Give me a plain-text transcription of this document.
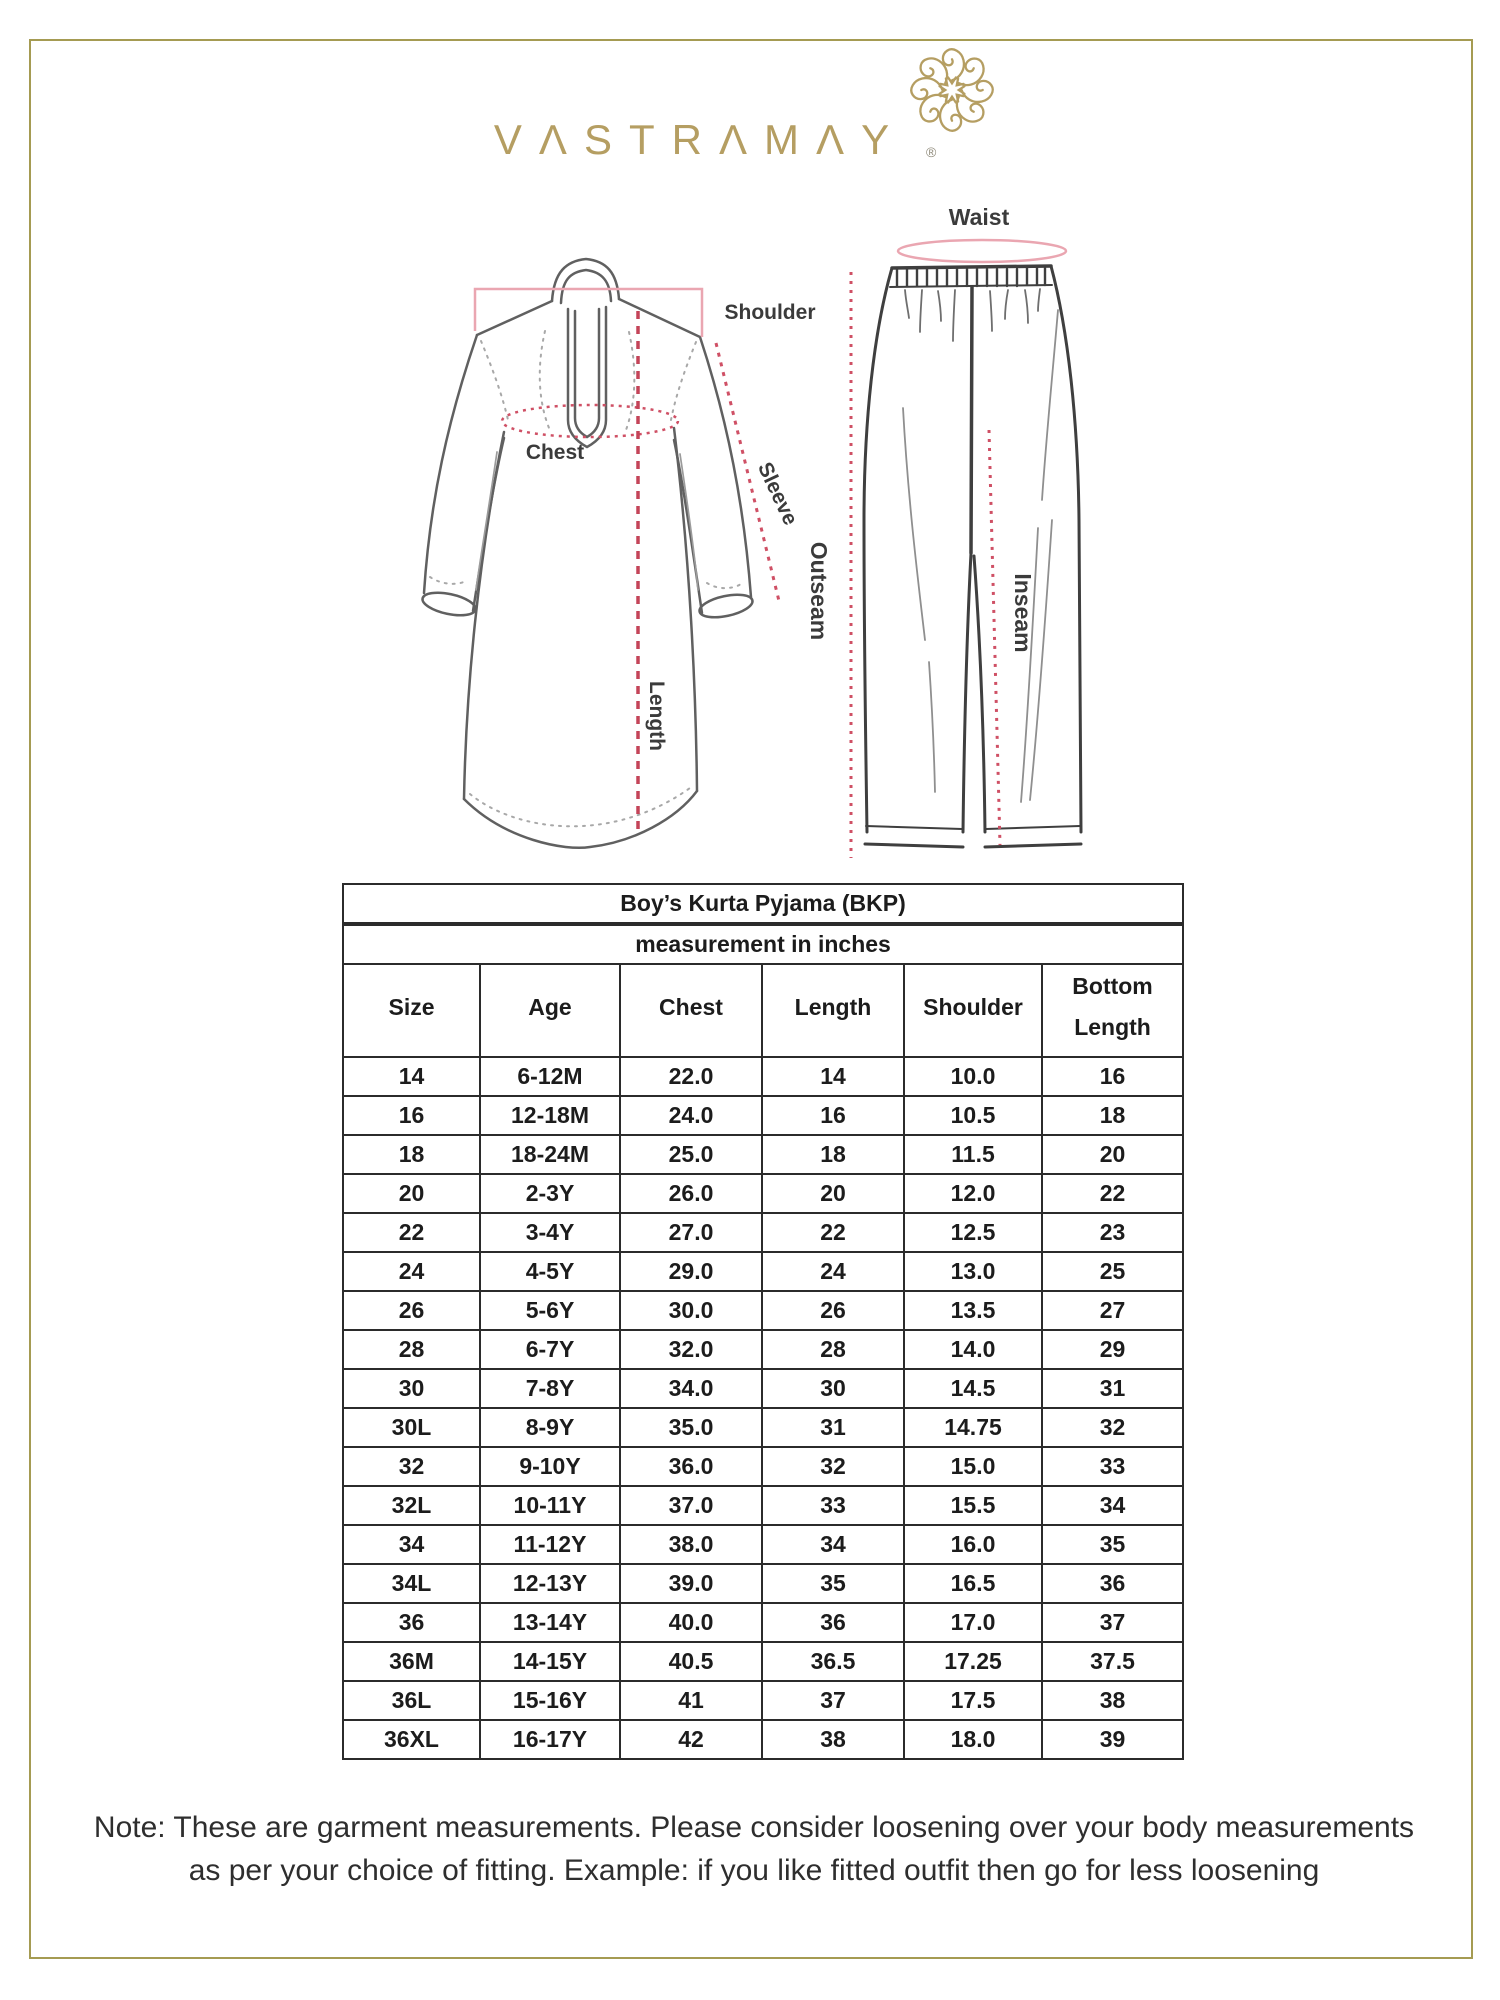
VΛSTRΛMΛY	®
Shoulder
Chest
Sleeve
Length
Waist
Outseam	Inseam
Boy’s Kurta Pyjama (BKP)					
measurement in inches					
Size	Age	Chest	Length	Shoulder	Bottom Length
14	6-12M	22.0	14	10.0	16
16	12-18M	24.0	16	10.5	18
18	18-24M	25.0	18	11.5	20
20	2-3Y	26.0	20	12.0	22
22	3-4Y	27.0	22	12.5	23
24	4-5Y	29.0	24	13.0	25
26	5-6Y	30.0	26	13.5	27
28	6-7Y	32.0	28	14.0	29
30	7-8Y	34.0	30	14.5	31
30L	8-9Y	35.0	31	14.75	32
32	9-10Y	36.0	32	15.0	33
32L	10-11Y	37.0	33	15.5	34
34	11-12Y	38.0	34	16.0	35
34L	12-13Y	39.0	35	16.5	36
36	13-14Y	40.0	36	17.0	37
36M	14-15Y	40.5	36.5	17.25	37.5
36L	15-16Y	41	37	17.5	38
36XL	16-17Y	42	38	18.0	39
Note: These are garment measurements. Please consider loosening over your body measurements
as per your choice of fitting. Example: if you like fitted outfit then go for less loosening
